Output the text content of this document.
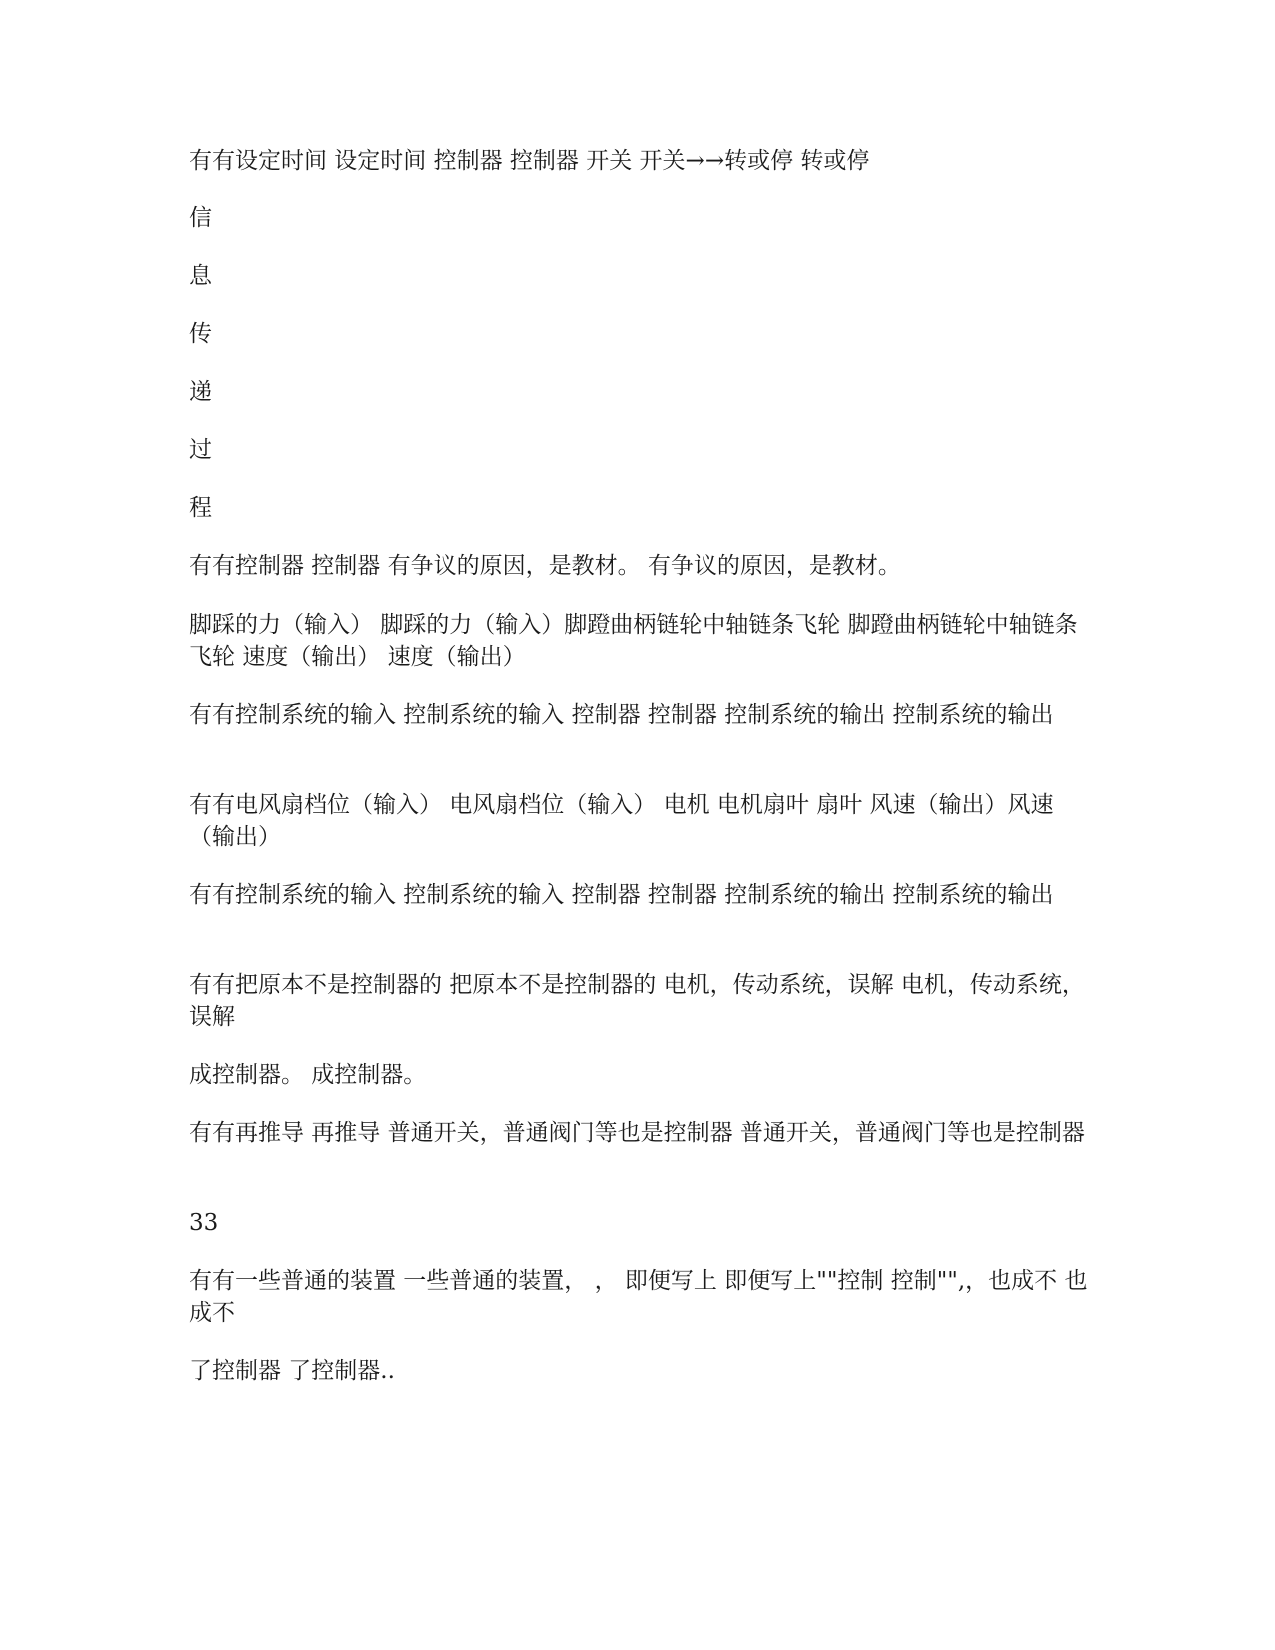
有有设定时间 设定时间 控制器 控制器 开关 开关→→转或停 转或停

信

息

传

递

过

程

有有控制器 控制器 有争议的原因，是教材。 有争议的原因，是教材。

脚踩的力（输入） 脚踩的力（输入）脚蹬曲柄链轮中轴链条飞轮 脚蹬曲柄链轮中轴链条飞轮 速度（输出） 速度（输出）

有有控制系统的输入 控制系统的输入 控制器 控制器 控制系统的输出 控制系统的输出

有有电风扇档位（输入） 电风扇档位（输入） 电机 电机扇叶 扇叶 风速（输出）风速（输出）

有有控制系统的输入 控制系统的输入 控制器 控制器 控制系统的输出 控制系统的输出

有有把原本不是控制器的 把原本不是控制器的 电机，传动系统，误解 电机，传动系统，误解

成控制器。 成控制器。

有有再推导 再推导 普通开关，普通阀门等也是控制器 普通开关，普通阀门等也是控制器

33

有有一些普通的装置 一些普通的装置， ， 即便写上 即便写上""控制 控制"",，也成不 也成不

了控制器 了控制器..
